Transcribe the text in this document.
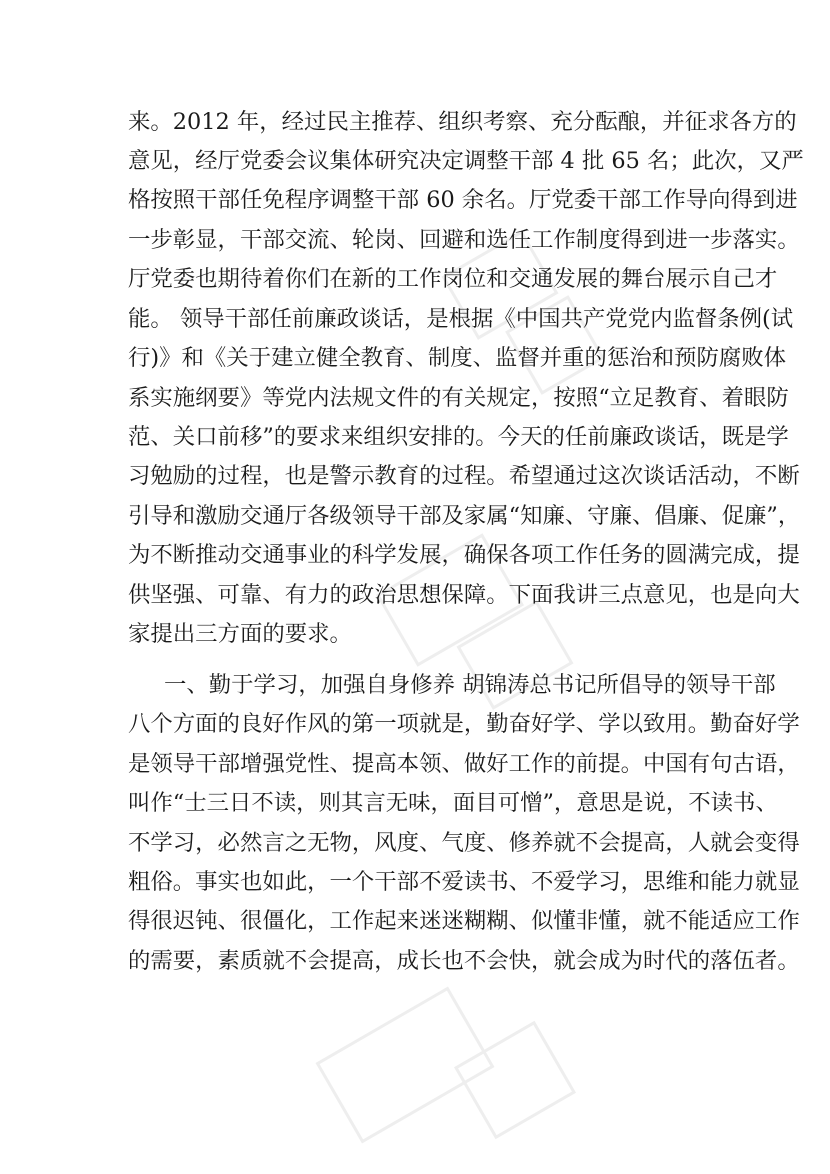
来。2012 年，经过民主推荐、组织考察、充分酝酿，并征求各方的
意见，经厅党委会议集体研究决定调整干部 4 批 65 名；此次，又严
格按照干部任免程序调整干部 60 余名。厅党委干部工作导向得到进
一步彰显，干部交流、轮岗、回避和选任工作制度得到进一步落实。
厅党委也期待着你们在新的工作岗位和交通发展的舞台展示自己才
能。 领导干部任前廉政谈话，是根据《中国共产党党内监督条例(试
行)》和《关于建立健全教育、制度、监督并重的惩治和预防腐败体
系实施纲要》等党内法规文件的有关规定，按照“立足教育、着眼防
范、关口前移”的要求来组织安排的。今天的任前廉政谈话，既是学
习勉励的过程，也是警示教育的过程。希望通过这次谈话活动，不断
引导和激励交通厅各级领导干部及家属“知廉、守廉、倡廉、促廉”，
为不断推动交通事业的科学发展，确保各项工作任务的圆满完成，提
供坚强、可靠、有力的政治思想保障。下面我讲三点意见，也是向大
家提出三方面的要求。
一、勤于学习，加强自身修养 胡锦涛总书记所倡导的领导干部
八个方面的良好作风的第一项就是，勤奋好学、学以致用。勤奋好学
是领导干部增强党性、提高本领、做好工作的前提。中国有句古语，
叫作“士三日不读，则其言无味，面目可憎”，意思是说，不读书、
不学习，必然言之无物，风度、气度、修养就不会提高，人就会变得
粗俗。事实也如此，一个干部不爱读书、不爱学习，思维和能力就显
得很迟钝、很僵化，工作起来迷迷糊糊、似懂非懂，就不能适应工作
的需要，素质就不会提高，成长也不会快，就会成为时代的落伍者。
